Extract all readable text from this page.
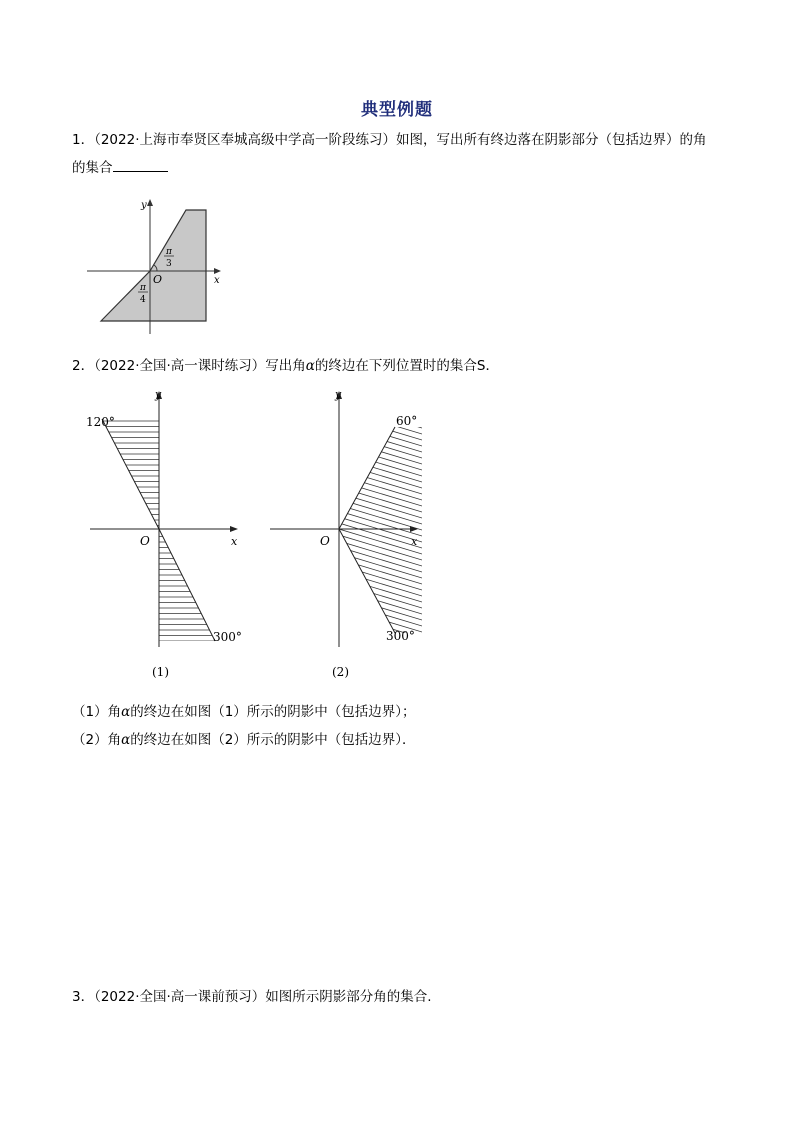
典型例题
1．（2022·上海市奉贤区奉城高级中学高一阶段练习）如图，写出所有终边落在阴影部分（包括边界）的角
的集合
y
x
O
π
3
π
4
2．（2022·全国·高一课时练习）写出角α的终边在下列位置时的集合S．
y
x
O
120°
300°
(1)
y
x
O
60°
300°
(2)
（1）角α的终边在如图（1）所示的阴影中（包括边界）；
（2）角α的终边在如图（2）所示的阴影中（包括边界）．
3．（2022·全国·高一课前预习）如图所示阴影部分角的集合.
